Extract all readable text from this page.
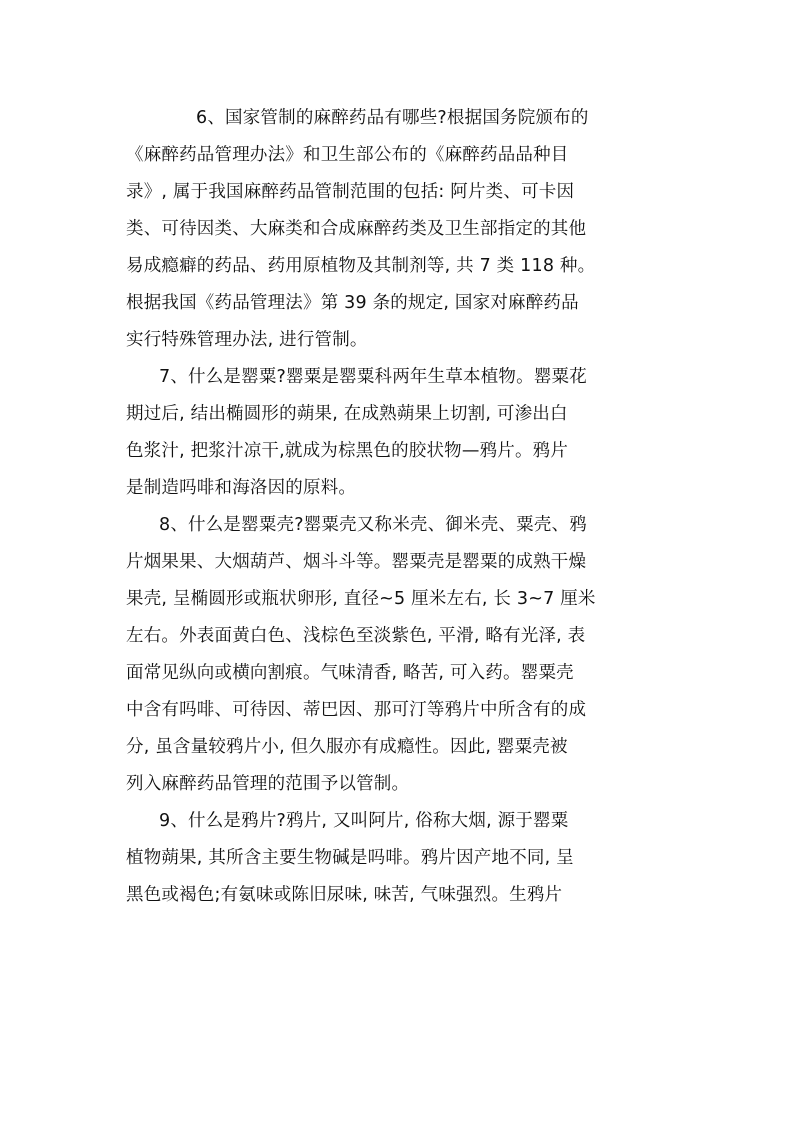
6、国家管制的麻醉药品有哪些?根据国务院颁布的
《麻醉药品管理办法》和卫生部公布的《麻醉药品品种目
录》, 属于我国麻醉药品管制范围的包括: 阿片类、可卡因
类、可待因类、大麻类和合成麻醉药类及卫生部指定的其他
易成瘾癖的药品、药用原植物及其制剂等, 共 7 类 118 种。
根据我国《药品管理法》第 39 条的规定, 国家对麻醉药品
实行特殊管理办法, 进行管制。
7、什么是罂粟?罂粟是罂粟科两年生草本植物。罂粟花
期过后, 结出椭圆形的蒴果, 在成熟蒴果上切割, 可渗出白
色浆汁, 把浆汁凉干,就成为棕黑色的胶状物—鸦片。鸦片
是制造吗啡和海洛因的原料。
8、什么是罂粟壳?罂粟壳又称米壳、御米壳、粟壳、鸦
片烟果果、大烟葫芦、烟斗斗等。罂粟壳是罂粟的成熟干燥
果壳, 呈椭圆形或瓶状卵形, 直径~5 厘米左右, 长 3~7 厘米
左右。外表面黄白色、浅棕色至淡紫色, 平滑, 略有光泽, 表
面常见纵向或横向割痕。气味清香, 略苦, 可入药。罂粟壳
中含有吗啡、可待因、蒂巴因、那可汀等鸦片中所含有的成
分, 虽含量较鸦片小, 但久服亦有成瘾性。因此, 罂粟壳被
列入麻醉药品管理的范围予以管制。
9、什么是鸦片?鸦片, 又叫阿片, 俗称大烟, 源于罂粟
植物蒴果, 其所含主要生物碱是吗啡。鸦片因产地不同, 呈
黑色或褐色;有氨味或陈旧尿味, 味苦, 气味强烈。生鸦片
